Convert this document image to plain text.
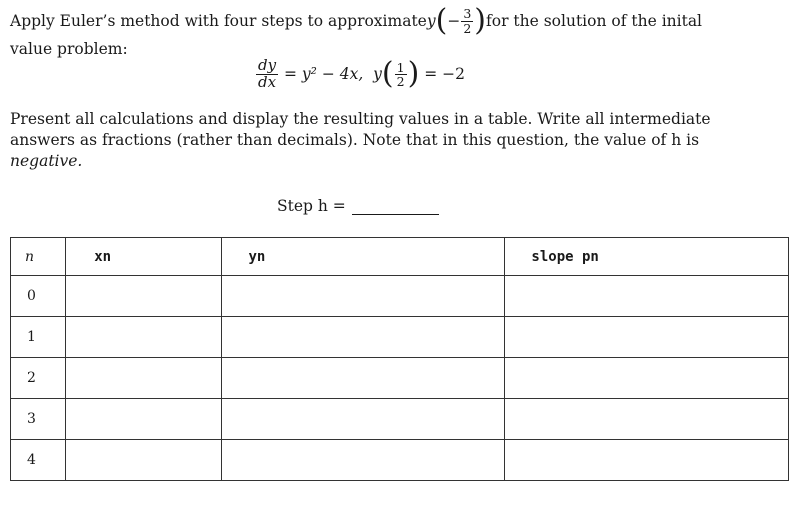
Apply Euler’s method with four steps to approximate y ( − $\frac{3}{2}$ ) for the solution of the inital
value problem:
$\frac{dy}{dx} = y^2 - 4x$, y ( $\frac{1}{2}$ ) = −2
Present all calculations and display the resulting values in a table. Write all intermediate
answers as fractions (rather than decimals). Note that in this question, the value of h is
negative.
Step h =
n	xn	yn	slope pn
0			
1			
2			
3			
4			
